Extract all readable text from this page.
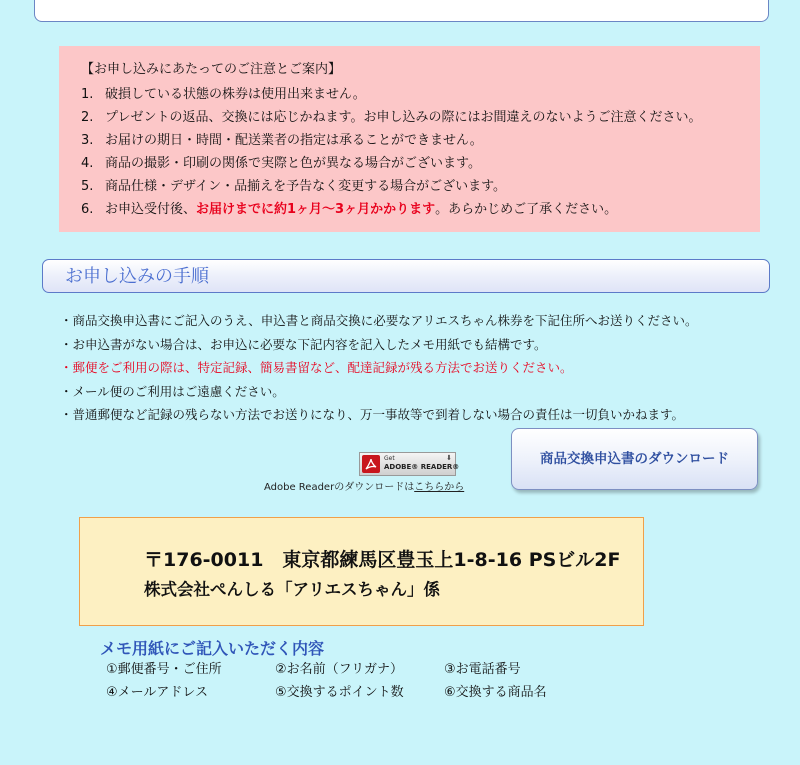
【お申し込みにあたってのご注意とご案内】
1. 破損している状態の株券は使用出来ません。
2. プレゼントの返品、交換には応じかねます。お申し込みの際にはお間違えのないようご注意ください。
3. お届けの期日・時間・配送業者の指定は承ることができません。
4. 商品の撮影・印刷の関係で実際と色が異なる場合がございます。
5. 商品仕様・デザイン・品揃えを予告なく変更する場合がございます。
6. お申込受付後、お届けまでに約1ヶ月〜3ヶ月かかります。あらかじめご了承ください。
お申し込みの手順
・商品交換申込書にご記入のうえ、申込書と商品交換に必要なアリエスちゃん株券を下記住所へお送りください。
・お申込書がない場合は、お申込に必要な下記内容を記入したメモ用紙でも結構です。
・郵便をご利用の際は、特定記録、簡易書留など、配達記録が残る方法でお送りください。
・メール便のご利用はご遠慮ください。
・普通郵便など記録の残らない方法でお送りになり、万一事故等で到着しない場合の責任は一切負いかねます。
Get
ADOBE® READER®
⬇
Adobe Readerのダウンロードはこちらから
商品交換申込書のダウンロード
〒176-0011　東京都練馬区豊玉上1-8-16 PSビル2F
株式会社ぺんしる「アリエスちゃん」係
メモ用紙にご記入いただく内容
①郵便番号・ご住所	②お名前（フリガナ）	③お電話番号
④メールアドレス	⑤交換するポイント数	⑥交換する商品名
